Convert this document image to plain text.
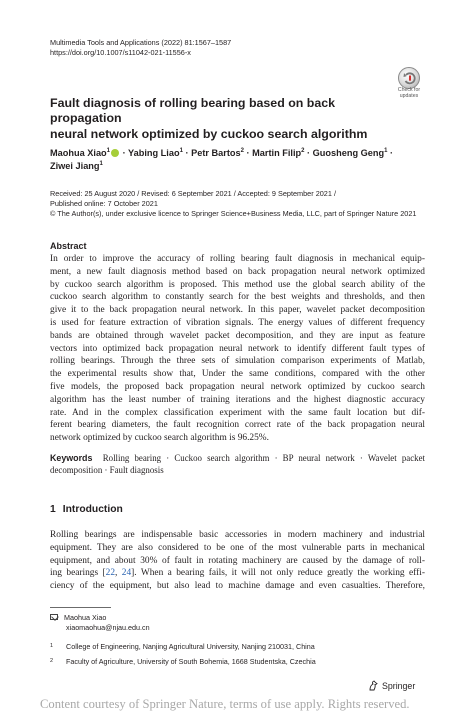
Multimedia Tools and Applications (2022) 81:1567–1587
https://doi.org/10.1007/s11042-021-11556-x
Check for
updates
Fault diagnosis of rolling bearing based on back propagation
neural network optimized by cuckoo search algorithm
Maohua Xiao$^1$ · Yabing Liao$^1$ · Petr Bartos$^2$ · Martin Filip$^2$ · Guosheng Geng$^1$ ·
Ziwei Jiang$^1$
Received: 25 August 2020 / Revised: 6 September 2021 / Accepted: 9 September 2021 /
Published online: 7 October 2021
© The Author(s), under exclusive licence to Springer Science+Business Media, LLC, part of Springer Nature 2021
Abstract
In order to improve the accuracy of rolling bearing fault diagnosis in mechanical equip-
ment, a new fault diagnosis method based on back propagation neural network optimized
by cuckoo search algorithm is proposed. This method use the global search ability of the
cuckoo search algorithm to constantly search for the best weights and thresholds, and then
give it to the back propagation neural network. In this paper, wavelet packet decomposition
is used for feature extraction of vibration signals. The energy values of different frequency
bands are obtained through wavelet packet decomposition, and they are input as feature
vectors into optimized back propagation neural network to identify different fault types of
rolling bearings. Through the three sets of simulation comparison experiments of Matlab,
the experimental results show that, Under the same conditions, compared with the other
five models, the proposed back propagation neural network optimized by cuckoo search
algorithm has the least number of training iterations and the highest diagnostic accuracy
rate. And in the complex classification experiment with the same fault location but dif-
ferent bearing diameters, the fault recognition correct rate of the back propagation neural
network optimized by cuckoo search algorithm is 96.25%.
Keywords Rolling bearing · Cuckoo search algorithm · BP neural network · Wavelet packet
decomposition · Fault diagnosis
1 Introduction
Rolling bearings are indispensable basic accessories in modern machinery and industrial
equipment. They are also considered to be one of the most vulnerable parts in mechanical
equipment, and about 30% of fault in rotating machinery are caused by the damage of roll-
ing bearings [22, 24]. When a bearing fails, it will not only reduce greatly the working effi-
ciency of the equipment, but also lead to machine damage and even casualties. Therefore,
Maohua Xiao
xiaomaohua@njau.edu.cn
1 College of Engineering, Nanjing Agricultural University, Nanjing 210031, China
2 Faculty of Agriculture, University of South Bohemia, 1668 Studentska, Czechia
Springer
Content courtesy of Springer Nature, terms of use apply. Rights reserved.
